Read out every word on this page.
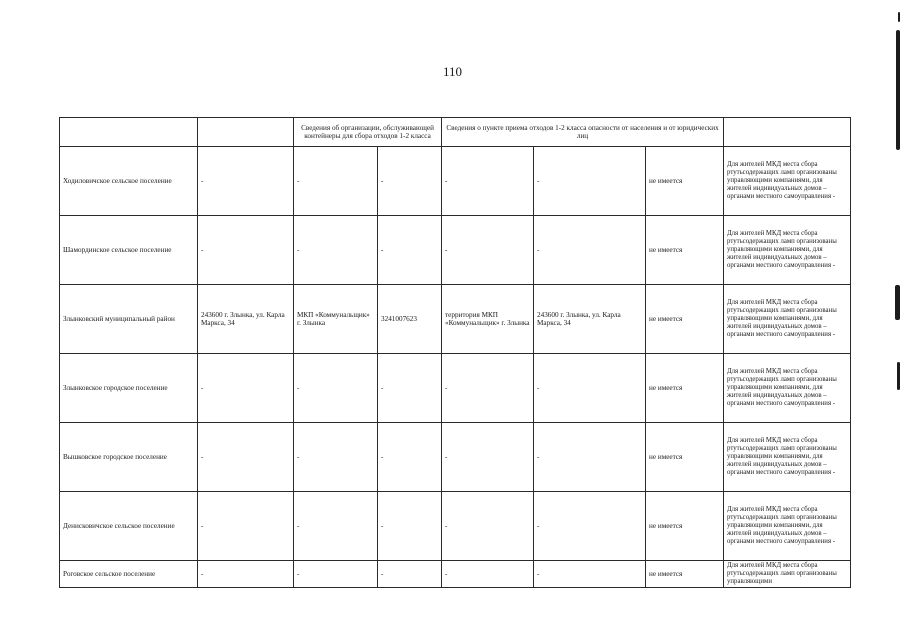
110
		Сведения об организации, обслуживающей контейнеры для сбора отходов 1-2 класса		Сведения о пункте приема отходов 1-2 класса опасности от населения и от юридических лиц			
Ходиловичское сельское поселение	-	-	-	-	-	не имеется	Для жителей МКД места сбора ртутьсодержащих ламп организованы управляющими компаниями, для жителей индивидуальных домов – органами местного самоуправления -
Шамординское сельское поселение	-	-	-	-	-	не имеется	Для жителей МКД места сбора ртутьсодержащих ламп организованы управляющими компаниями, для жителей индивидуальных домов – органами местного самоуправления -
Злынковский муниципальный район	243600 г. Злынка, ул. Карла Маркса, 34	МКП «Коммунальщик» г. Злынка	3241007623	территория МКП «Коммунальщик» г. Злынка	243600 г. Злынка, ул. Карла Маркса, 34	не имеется	Для жителей МКД места сбора ртутьсодержащих ламп организованы управляющими компаниями, для жителей индивидуальных домов – органами местного самоуправления -
Злынковское городское поселение	-	-	-	-	-	не имеется	Для жителей МКД места сбора ртутьсодержащих ламп организованы управляющими компаниями, для жителей индивидуальных домов – органами местного самоуправления -
Вышковское городское поселение	-	-	-	-	-	не имеется	Для жителей МКД места сбора ртутьсодержащих ламп организованы управляющими компаниями, для жителей индивидуальных домов – органами местного самоуправления -
Денисковичское сельское поселение	-	-	-	-	-	не имеется	Для жителей МКД места сбора ртутьсодержащих ламп организованы управляющими компаниями, для жителей индивидуальных домов – органами местного самоуправления -
Роговское сельское поселение	-	-	-	-	-	не имеется	Для жителей МКД места сбора ртутьсодержащих ламп организованы управляющими
